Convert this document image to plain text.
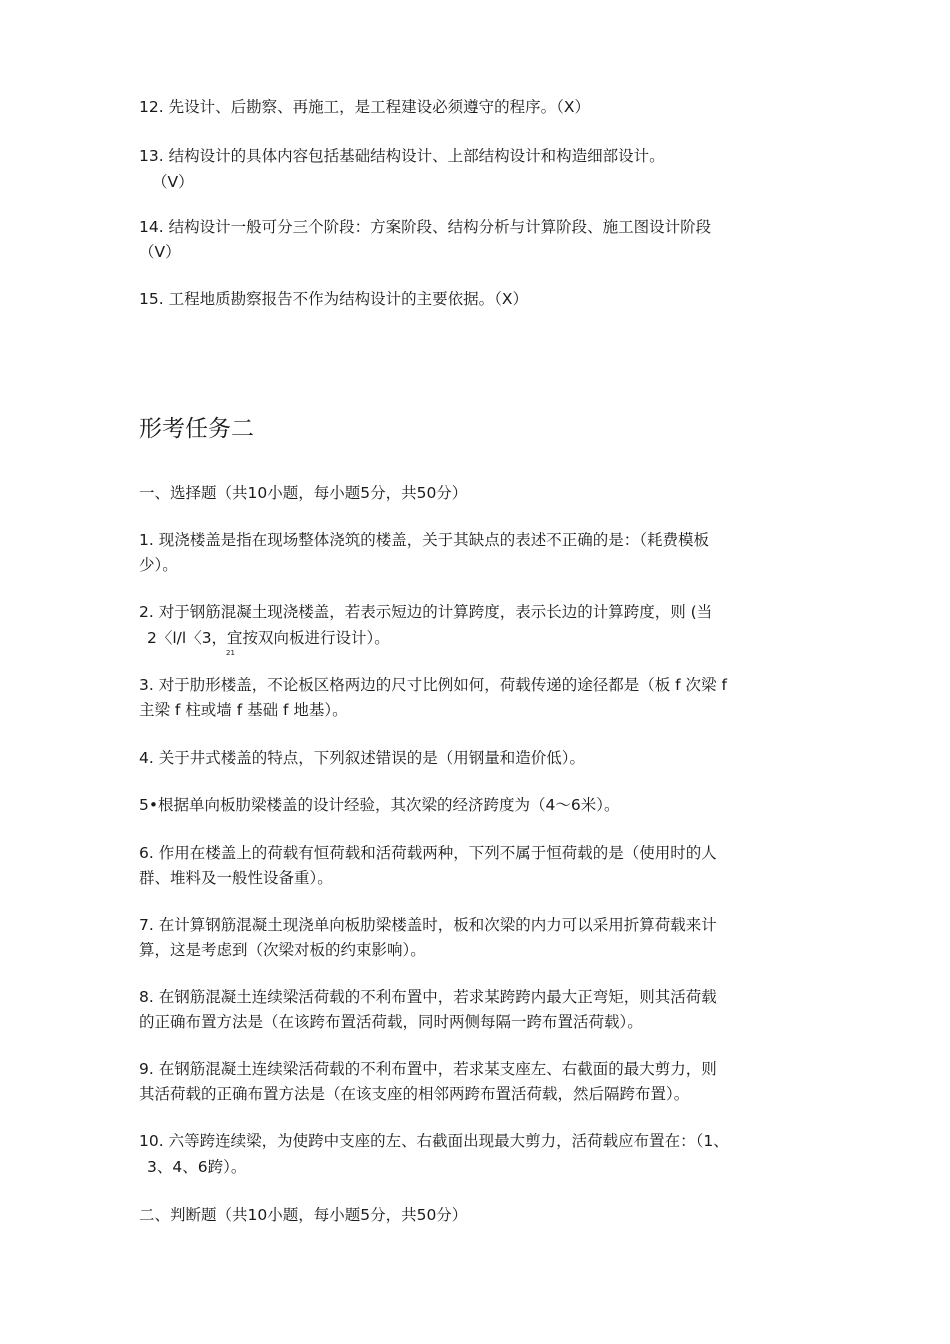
12. 先设计、后勘察、再施工，是工程建设必须遵守的程序。（X）

13. 结构设计的具体内容包括基础结构设计、上部结构设计和构造细部设计。

（V）

14. 结构设计一般可分三个阶段：方案阶段、结构分析与计算阶段、施工图设计阶段

（V）

15. 工程地质勘察报告不作为结构设计的主要依据。（X）

形考任务二

一、选择题（共10小题，每小题5分，共50分）

1. 现浇楼盖是指在现场整体浇筑的楼盖，关于其缺点的表述不正确的是：（耗费模板

少）。

2. 对于钢筋混凝土现浇楼盖，若表示短边的计算跨度，表示长边的计算跨度，则 (当

2〈l/l〈3，宜按双向板进行设计）。

21

3. 对于肋形楼盖，不论板区格两边的尺寸比例如何，荷载传递的途径都是（板 f 次梁 f

主梁 f 柱或墙 f 基础 f 地基）。

4. 关于井式楼盖的特点，下列叙述错误的是（用钢量和造价低）。

5•根据单向板肋梁楼盖的设计经验，其次梁的经济跨度为（4〜6米）。

6. 作用在楼盖上的荷载有恒荷载和活荷载两种，下列不属于恒荷载的是（使用时的人

群、堆料及一般性设备重）。

7. 在计算钢筋混凝土现浇单向板肋梁楼盖时，板和次梁的内力可以采用折算荷载来计

算，这是考虑到（次梁对板的约束影响）。

8. 在钢筋混凝土连续梁活荷载的不利布置中，若求某跨跨内最大正弯矩，则其活荷载

的正确布置方法是（在该跨布置活荷载，同时两侧每隔一跨布置活荷载）。

9. 在钢筋混凝土连续梁活荷载的不利布置中，若求某支座左、右截面的最大剪力，则

其活荷载的正确布置方法是（在该支座的相邻两跨布置活荷载，然后隔跨布置）。

10. 六等跨连续梁，为使跨中支座的左、右截面出现最大剪力，活荷载应布置在：（1、

3、4、6跨）。

二、判断题（共10小题，每小题5分，共50分）
